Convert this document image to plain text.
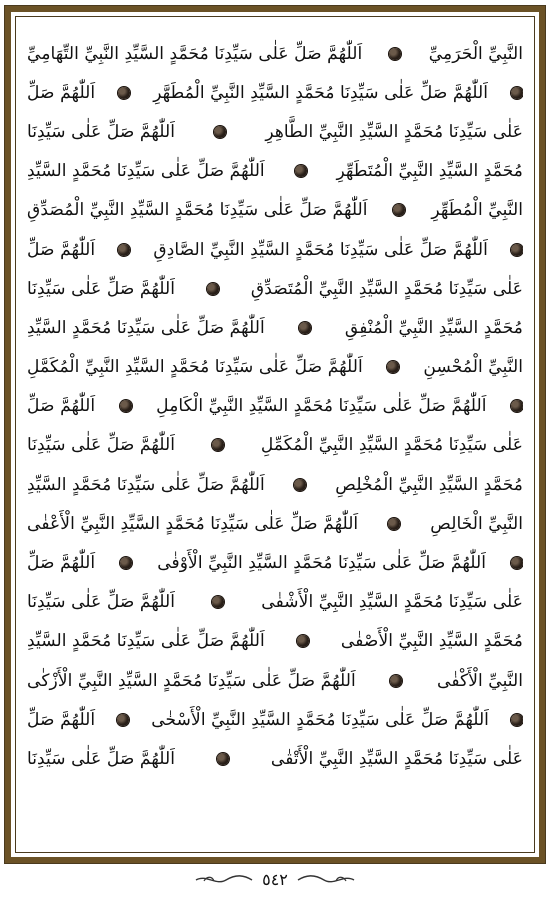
النَّبِيِّ الْحَرَمِيِّ
اَللّٰهُمَّ صَلِّ عَلٰى سَيِّدِنَا مُحَمَّدٍ السَّيِّدِ النَّبِيِّ التِّهَامِيِّ
اَللّٰهُمَّ صَلِّ عَلٰى سَيِّدِنَا مُحَمَّدٍ السَّيِّدِ النَّبِيِّ الْمُطَهَّرِ
اَللّٰهُمَّ صَلِّ
عَلٰى سَيِّدِنَا مُحَمَّدٍ السَّيِّدِ النَّبِيِّ الطَّاهِرِ
اَللّٰهُمَّ صَلِّ عَلٰى سَيِّدِنَا
مُحَمَّدٍ السَّيِّدِ النَّبِيِّ الْمُتَطَهِّرِ
اَللّٰهُمَّ صَلِّ عَلٰى سَيِّدِنَا مُحَمَّدٍ السَّيِّدِ
النَّبِيِّ الْمُطَهِّرِ
اَللّٰهُمَّ صَلِّ عَلٰى سَيِّدِنَا مُحَمَّدٍ السَّيِّدِ النَّبِيِّ الْمُصَدِّقِ
اَللّٰهُمَّ صَلِّ عَلٰى سَيِّدِنَا مُحَمَّدٍ السَّيِّدِ النَّبِيِّ الصَّادِقِ
اَللّٰهُمَّ صَلِّ
عَلٰى سَيِّدِنَا مُحَمَّدٍ السَّيِّدِ النَّبِيِّ الْمُتَصَدِّقِ
اَللّٰهُمَّ صَلِّ عَلٰى سَيِّدِنَا
مُحَمَّدٍ السَّيِّدِ النَّبِيِّ الْمُنْفِقِ
اَللّٰهُمَّ صَلِّ عَلٰى سَيِّدِنَا مُحَمَّدٍ السَّيِّدِ
النَّبِيِّ الْمُحْسِنِ
اَللّٰهُمَّ صَلِّ عَلٰى سَيِّدِنَا مُحَمَّدٍ السَّيِّدِ النَّبِيِّ الْمُكَمَّلِ
اَللّٰهُمَّ صَلِّ عَلٰى سَيِّدِنَا مُحَمَّدٍ السَّيِّدِ النَّبِيِّ الْكَامِلِ
اَللّٰهُمَّ صَلِّ
عَلٰى سَيِّدِنَا مُحَمَّدٍ السَّيِّدِ النَّبِيِّ الْمُكَمِّلِ
اَللّٰهُمَّ صَلِّ عَلٰى سَيِّدِنَا
مُحَمَّدٍ السَّيِّدِ النَّبِيِّ الْمُخْلِصِ
اَللّٰهُمَّ صَلِّ عَلٰى سَيِّدِنَا مُحَمَّدٍ السَّيِّدِ
النَّبِيِّ الْخَالِصِ
اَللّٰهُمَّ صَلِّ عَلٰى سَيِّدِنَا مُحَمَّدٍ السَّيِّدِ النَّبِيِّ الْأَعْفٰى
اَللّٰهُمَّ صَلِّ عَلٰى سَيِّدِنَا مُحَمَّدٍ السَّيِّدِ النَّبِيِّ الْأَوْفٰى
اَللّٰهُمَّ صَلِّ
عَلٰى سَيِّدِنَا مُحَمَّدٍ السَّيِّدِ النَّبِيِّ الْأَشْفٰى
اَللّٰهُمَّ صَلِّ عَلٰى سَيِّدِنَا
مُحَمَّدٍ السَّيِّدِ النَّبِيِّ الْأَصْفٰى
اَللّٰهُمَّ صَلِّ عَلٰى سَيِّدِنَا مُحَمَّدٍ السَّيِّدِ
النَّبِيِّ الْأَكْفٰى
اَللّٰهُمَّ صَلِّ عَلٰى سَيِّدِنَا مُحَمَّدٍ السَّيِّدِ النَّبِيِّ الْأَزْكٰى
اَللّٰهُمَّ صَلِّ عَلٰى سَيِّدِنَا مُحَمَّدٍ السَّيِّدِ النَّبِيِّ الْأَسْخٰى
اَللّٰهُمَّ صَلِّ
عَلٰى سَيِّدِنَا مُحَمَّدٍ السَّيِّدِ النَّبِيِّ الْأَتْقٰى
اَللّٰهُمَّ صَلِّ عَلٰى سَيِّدِنَا
٥٤٢
